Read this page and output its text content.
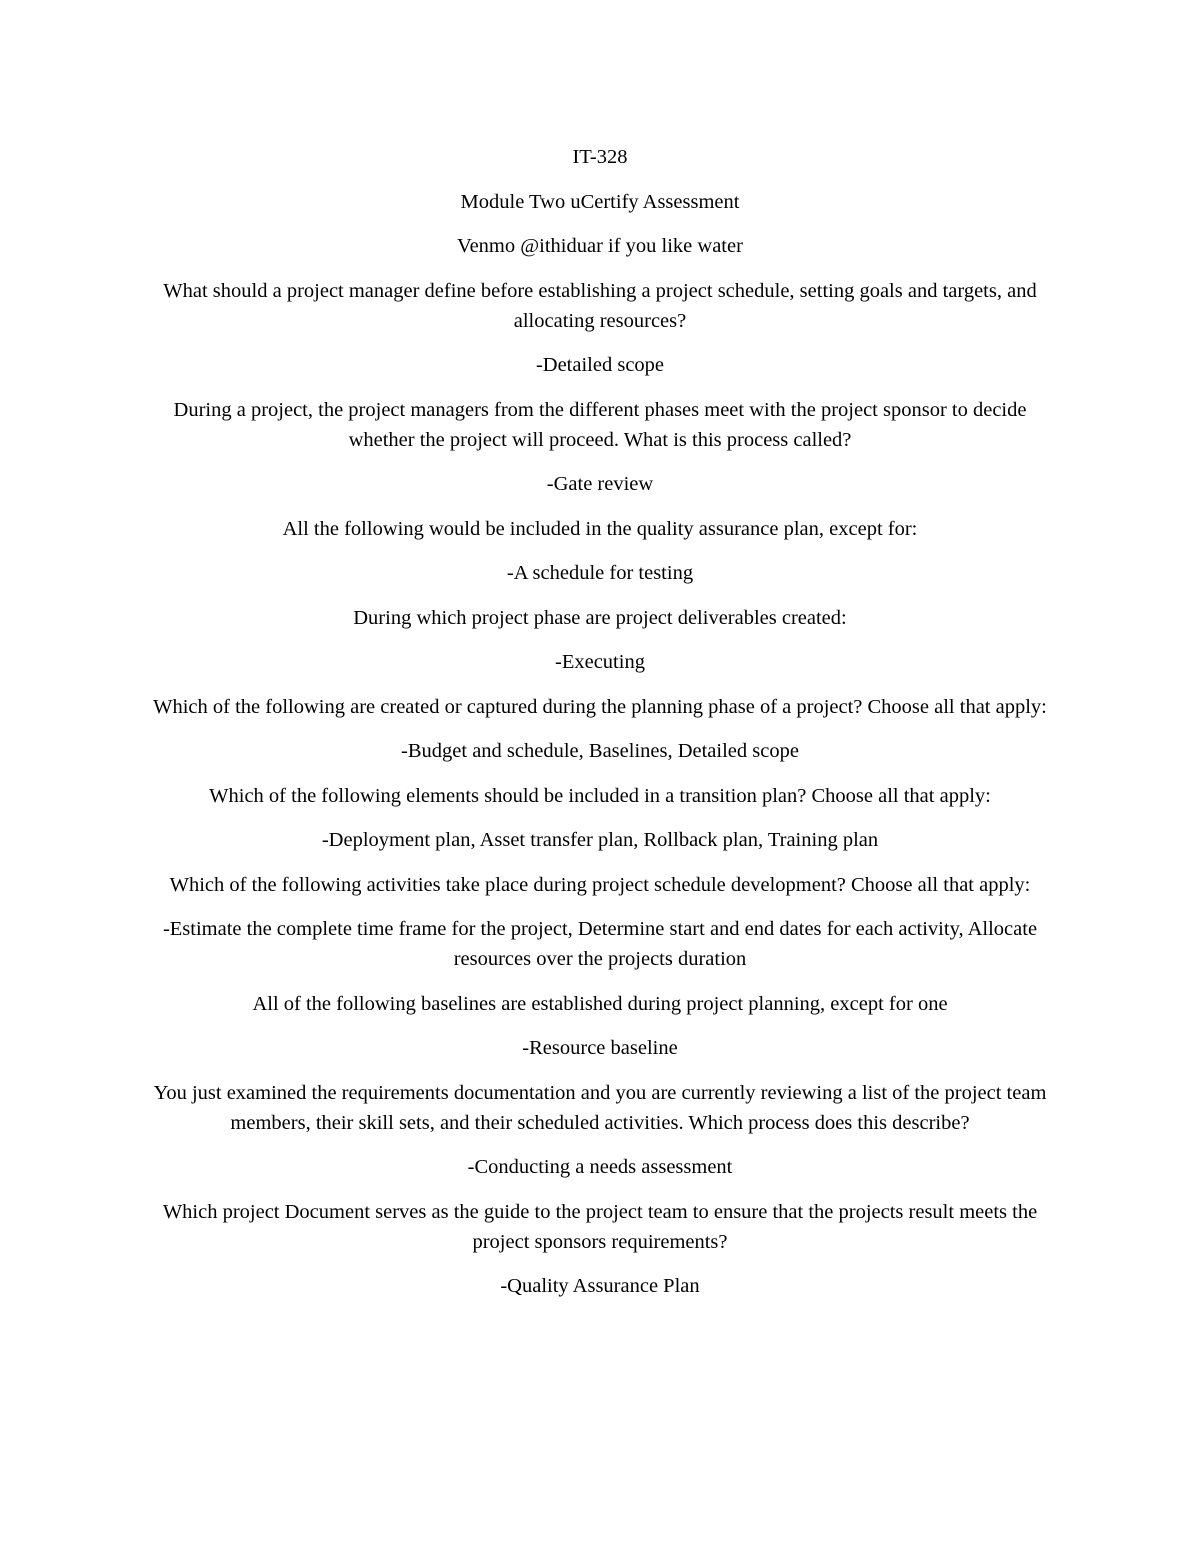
IT-328

Module Two uCertify Assessment

Venmo @ithiduar if you like water

What should a project manager define before establishing a project schedule, setting goals and targets, and allocating resources?

-Detailed scope

During a project, the project managers from the different phases meet with the project sponsor to decide whether the project will proceed. What is this process called?

-Gate review

All the following would be included in the quality assurance plan, except for:

-A schedule for testing

During which project phase are project deliverables created:

-Executing

Which of the following are created or captured during the planning phase of a project? Choose all that apply:

-Budget and schedule, Baselines, Detailed scope

Which of the following elements should be included in a transition plan? Choose all that apply:

-Deployment plan, Asset transfer plan, Rollback plan, Training plan

Which of the following activities take place during project schedule development? Choose all that apply:

-Estimate the complete time frame for the project, Determine start and end dates for each activity, Allocate resources over the projects duration

All of the following baselines are established during project planning, except for one

-Resource baseline

You just examined the requirements documentation and you are currently reviewing a list of the project team members, their skill sets, and their scheduled activities. Which process does this describe?

-Conducting a needs assessment

Which project Document serves as the guide to the project team to ensure that the projects result meets the project sponsors requirements?

-Quality Assurance Plan
